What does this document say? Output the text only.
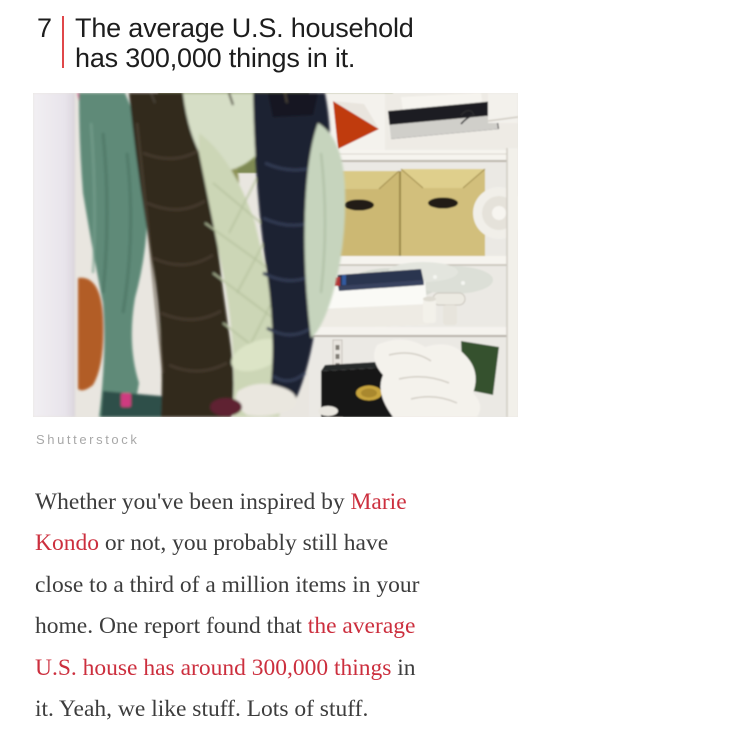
7 The average U.S. household
has 300,000 things in it.
Shutterstock
Whether you've been inspired by Marie
Kondo or not, you probably still have
close to a third of a million items in your
home. One report found that the average
U.S. house has around 300,000 things in
it. Yeah, we like stuff. Lots of stuff.
